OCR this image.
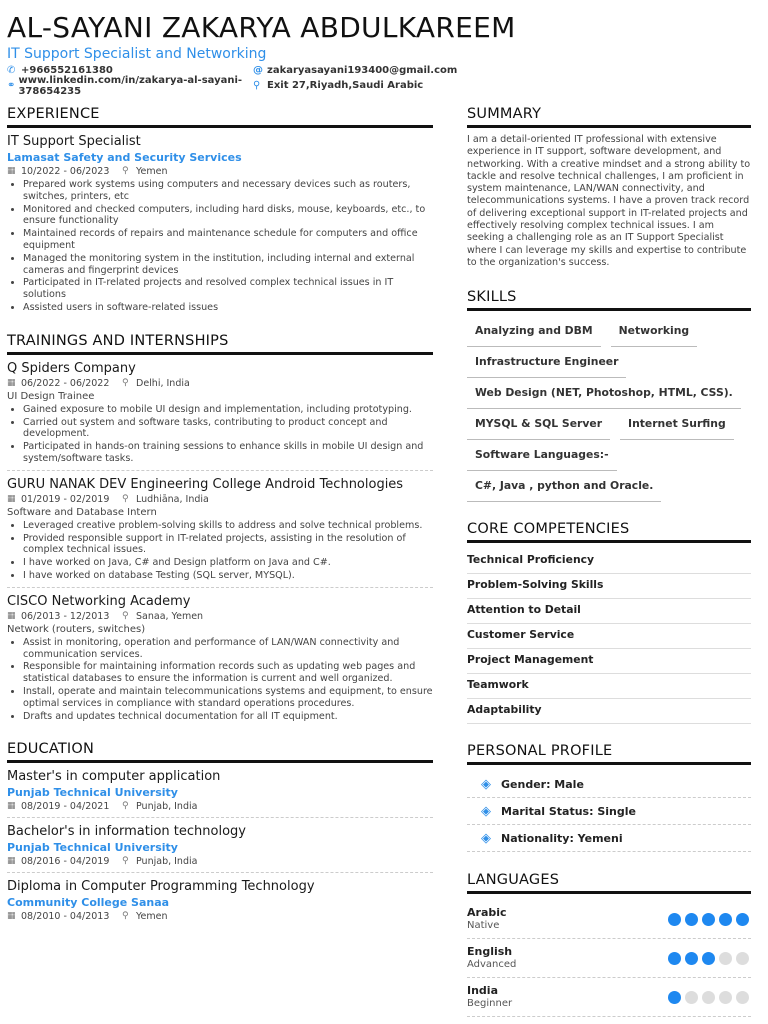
AL-SAYANI ZAKARYA ABDULKAREEM
IT Support Specialist and Networking
✆ +966552161380	@ zakaryasayani193400@gmail.com
⚭ www.linkedin.com/in/zakarya-al-sayani-378654235	⚲ Exit 27,Riyadh,Saudi Arabic
EXPERIENCE
IT Support Specialist
Lamasat Safety and Security Services
▦ 10/2022 - 06/2023 ⚲ Yemen
• Prepared work systems using computers and necessary devices such as routers, switches, printers, etc
• Monitored and checked computers, including hard disks, mouse, keyboards, etc., to ensure functionality
• Maintained records of repairs and maintenance schedule for computers and office equipment
• Managed the monitoring system in the institution, including internal and external cameras and fingerprint devices
• Participated in IT-related projects and resolved complex technical issues in IT solutions
• Assisted users in software-related issues
TRAININGS AND INTERNSHIPS
Q Spiders Company
▦ 06/2022 - 06/2022 ⚲ Delhi, India
UI Design Trainee
• Gained exposure to mobile UI design and implementation, including prototyping.
• Carried out system and software tasks, contributing to product concept and development.
• Participated in hands-on training sessions to enhance skills in mobile UI design and system/software tasks.
GURU NANAK DEV Engineering College Android Technologies
▦ 01/2019 - 02/2019 ⚲ Ludhiāna, India
Software and Database Intern
• Leveraged creative problem-solving skills to address and solve technical problems.
• Provided responsible support in IT-related projects, assisting in the resolution of complex technical issues.
• I have worked on Java, C# and Design platform on Java and C#.
• I have worked on database Testing (SQL server, MYSQL).
CISCO Networking Academy
▦ 06/2013 - 12/2013 ⚲ Sanaa, Yemen
Network (routers, switches)
• Assist in monitoring, operation and performance of LAN/WAN connectivity and communication services.
• Responsible for maintaining information records such as updating web pages and statistical databases to ensure the information is current and well organized.
• Install, operate and maintain telecommunications systems and equipment, to ensure optimal services in compliance with standard operations procedures.
• Drafts and updates technical documentation for all IT equipment.
EDUCATION
Master's in computer application
Punjab Technical University
▦ 08/2019 - 04/2021 ⚲ Punjab, India
Bachelor's in information technology
Punjab Technical University
▦ 08/2016 - 04/2019 ⚲ Punjab, India
Diploma in Computer Programming Technology
Community College Sanaa
▦ 08/2010 - 04/2013 ⚲ Yemen
SUMMARY
I am a detail-oriented IT professional with extensive experience in IT support, software development, and networking. With a creative mindset and a strong ability to tackle and resolve technical challenges, I am proficient in system maintenance, LAN/WAN connectivity, and telecommunications systems. I have a proven track record of delivering exceptional support in IT-related projects and effectively resolving complex technical issues. I am seeking a challenging role as an IT Support Specialist where I can leverage my skills and expertise to contribute to the organization's success.
SKILLS
Analyzing and DBM	Networking
Infrastructure Engineer
Web Design (NET, Photoshop, HTML, CSS).
MYSQL & SQL Server	Internet Surfing
Software Languages:-
C#, Java , python and Oracle.
CORE COMPETENCIES
Technical Proficiency
Problem-Solving Skills
Attention to Detail
Customer Service
Project Management
Teamwork
Adaptability
PERSONAL PROFILE
◈ Gender: Male
◈ Marital Status: Single
◈ Nationality: Yemeni
LANGUAGES
Arabic
Native
English
Advanced
India
Beginner
